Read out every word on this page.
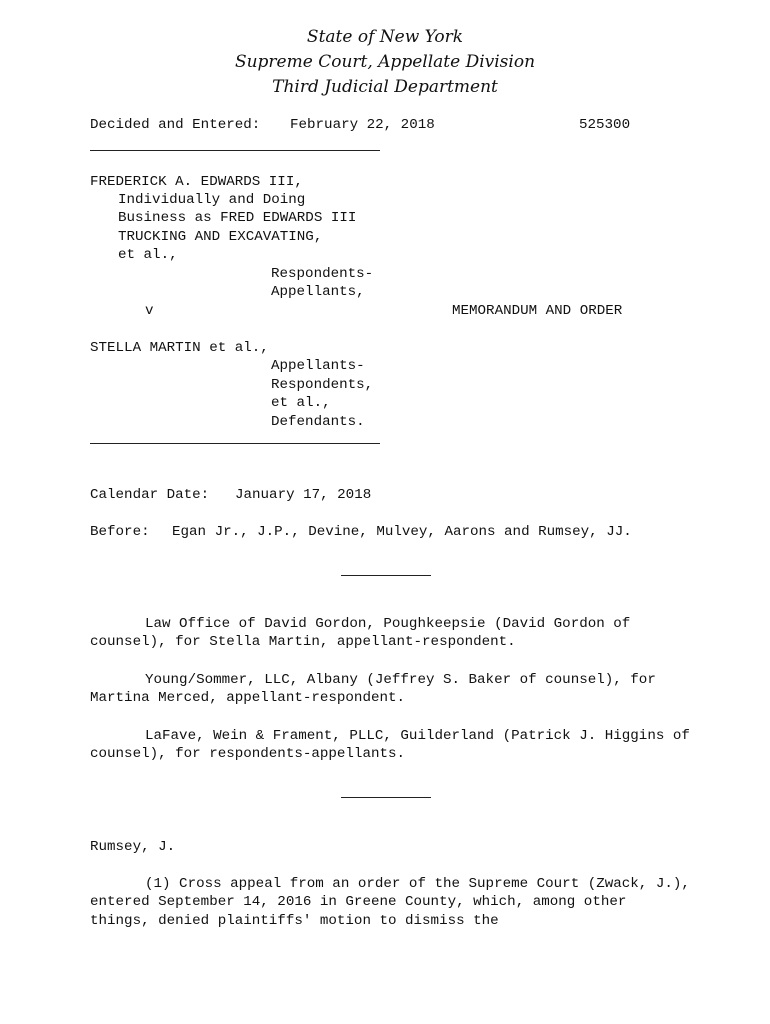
State of New York
Supreme Court, Appellate Division
Third Judicial Department
Decided and Entered: February 22, 2018	525300
FREDERICK A. EDWARDS III,
Individually and Doing
Business as FRED EDWARDS III
TRUCKING AND EXCAVATING,
et al.,
Respondents-
Appellants,
v	MEMORANDUM AND ORDER
STELLA MARTIN et al.,
Appellants-
Respondents,
et al.,
Defendants.
Calendar Date: January 17, 2018
Before: Egan Jr., J.P., Devine, Mulvey, Aarons and Rumsey, JJ.
Law Office of David Gordon, Poughkeepsie (David Gordon of counsel), for Stella Martin, appellant-respondent.
Young/Sommer, LLC, Albany (Jeffrey S. Baker of counsel), for Martina Merced, appellant-respondent.
LaFave, Wein & Frament, PLLC, Guilderland (Patrick J. Higgins of counsel), for respondents-appellants.
Rumsey, J.
(1) Cross appeal from an order of the Supreme Court (Zwack, J.), entered September 14, 2016 in Greene County, which, among other things, denied plaintiffs' motion to dismiss the
